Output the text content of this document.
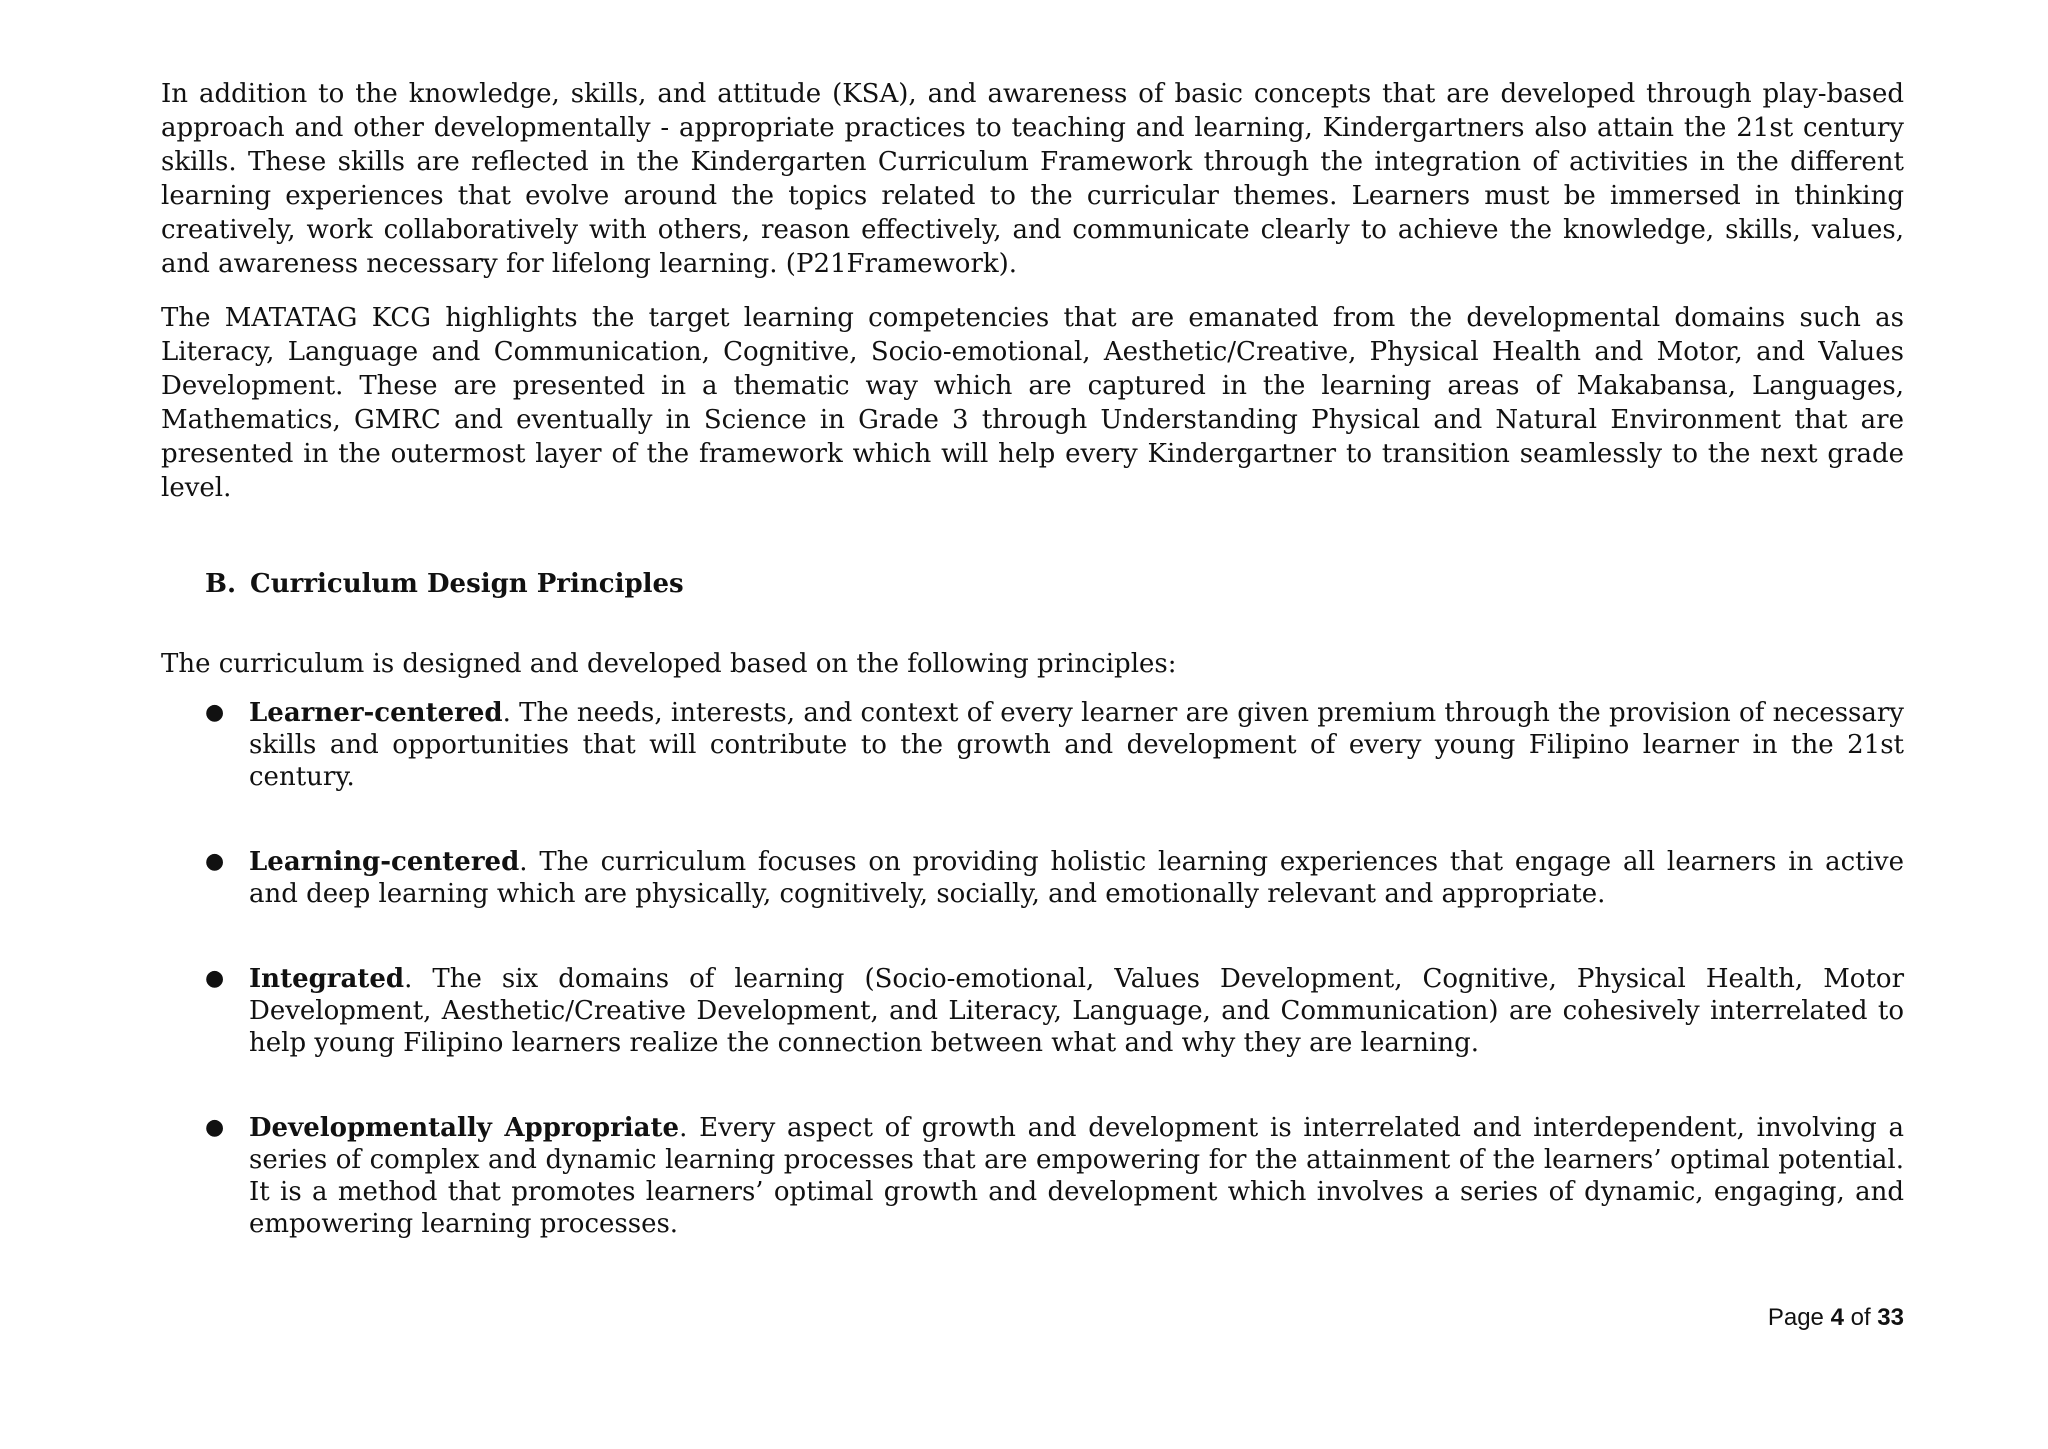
In addition to the knowledge, skills, and attitude (KSA), and awareness of basic concepts that are developed through play-based approach and other developmentally - appropriate practices to teaching and learning, Kindergartners also attain the 21st century skills. These skills are reflected in the Kindergarten Curriculum Framework through the integration of activities in the different learning experiences that evolve around the topics related to the curricular themes. Learners must be immersed in thinking creatively, work collaboratively with others, reason effectively, and communicate clearly to achieve the knowledge, skills, values, and awareness necessary for lifelong learning. (P21Framework).

The MATATAG KCG highlights the target learning competencies that are emanated from the developmental domains such as Literacy, Language and Communication, Cognitive, Socio-emotional, Aesthetic/Creative, Physical Health and Motor, and Values Development. These are presented in a thematic way which are captured in the learning areas of Makabansa, Languages, Mathematics, GMRC and eventually in Science in Grade 3 through Understanding Physical and Natural Environment that are presented in the outermost layer of the framework which will help every Kindergartner to transition seamlessly to the next grade level.

B. Curriculum Design Principles

The curriculum is designed and developed based on the following principles:

● Learner-centered. The needs, interests, and context of every learner are given premium through the provision of necessary skills and opportunities that will contribute to the growth and development of every young Filipino learner in the 21st century.
● Learning-centered. The curriculum focuses on providing holistic learning experiences that engage all learners in active and deep learning which are physically, cognitively, socially, and emotionally relevant and appropriate.
● Integrated. The six domains of learning (Socio-emotional, Values Development, Cognitive, Physical Health, Motor Development, Aesthetic/Creative Development, and Literacy, Language, and Communication) are cohesively interrelated to help young Filipino learners realize the connection between what and why they are learning.
● Developmentally Appropriate. Every aspect of growth and development is interrelated and interdependent, involving a series of complex and dynamic learning processes that are empowering for the attainment of the learners’ optimal potential. It is a method that promotes learners’ optimal growth and development which involves a series of dynamic, engaging, and empowering learning processes.
Page 4 of 33
